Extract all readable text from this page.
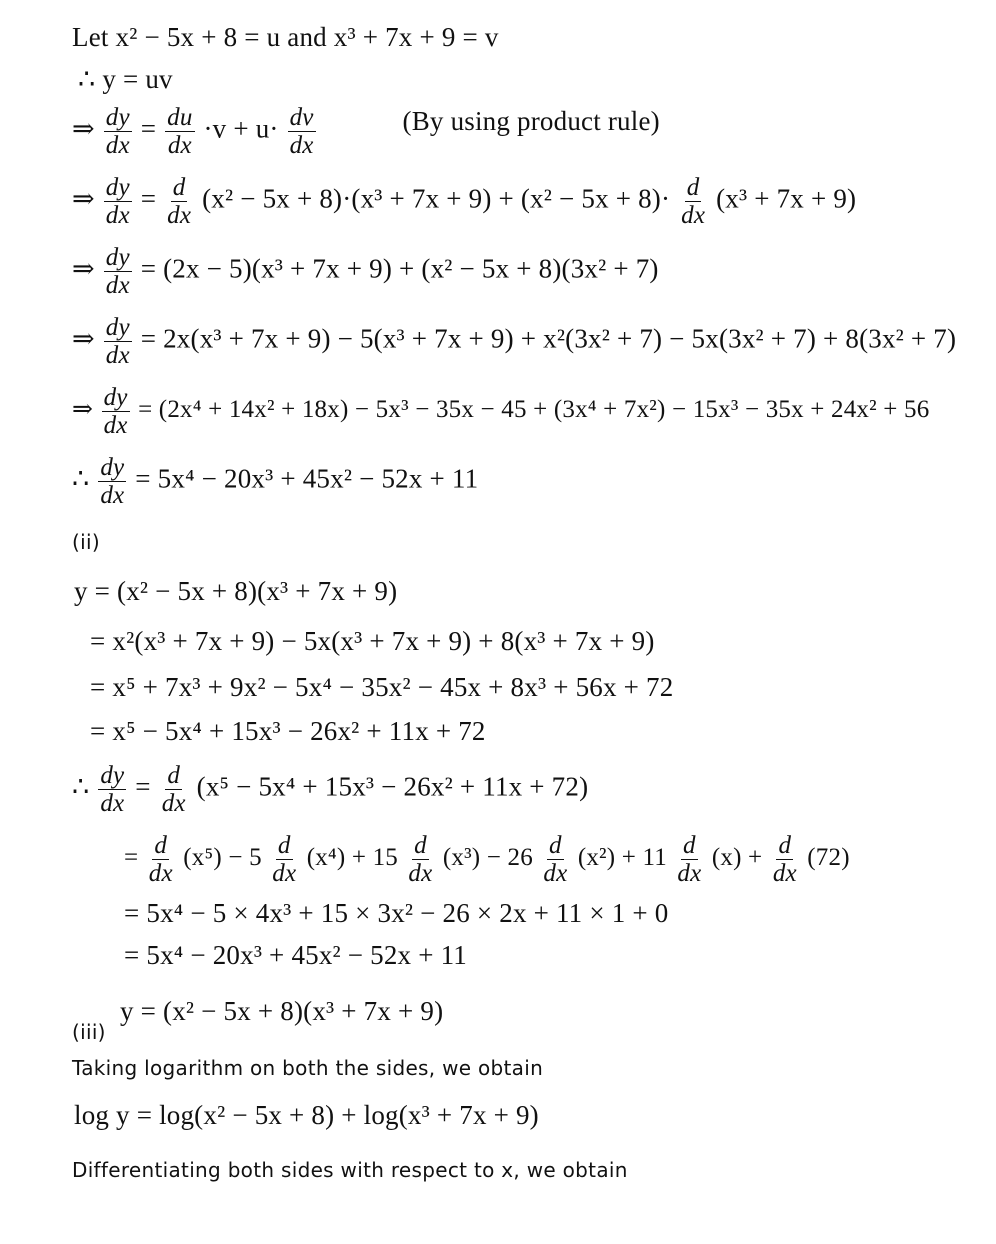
Let x² − 5x + 8 = u and x³ + 7x + 9 = v
∴ y = uv
⇒ $\frac{dy}{dx} = \frac{du}{dx} \cdot v + u\cdot \frac{dv}{dx}$	(By using product rule)
⇒ $\frac{dy}{dx} = \frac{d}{dx} (x^2 - 5x + 8)\cdot(x^3 + 7x + 9) + (x^2 - 5x + 8)\cdot \frac{d}{dx} (x^3 + 7x + 9)$
⇒ $\frac{dy}{dx} = (2x - 5)(x^3 + 7x + 9) + (x^2 - 5x + 8)(3x^2 + 7)$
⇒ $\frac{dy}{dx} = 2x(x^3 + 7x + 9) - 5(x^3 + 7x + 9) + x^2(3x^2 + 7) - 5x(3x^2 + 7) + 8(3x^2 + 7)$
⇒ $\frac{dy}{dx} = (2x^4 + 14x^2 + 18x) - 5x^3 - 35x - 45 + (3x^4 + 7x^2) - 15x^3 - 35x + 24x^2 + 56$
∴ $\frac{dy}{dx} = 5x^4 - 20x^3 + 45x^2 - 52x + 11$
(ii)
y = (x² − 5x + 8)(x³ + 7x + 9)
= x²(x³ + 7x + 9) − 5x(x³ + 7x + 9) + 8(x³ + 7x + 9)
= x⁵ + 7x³ + 9x² − 5x⁴ − 35x² − 45x + 8x³ + 56x + 72
= x⁵ − 5x⁴ + 15x³ − 26x² + 11x + 72
∴ $\frac{dy}{dx} = \frac{d}{dx} (x^5 - 5x^4 + 15x^3 - 26x^2 + 11x + 72)$
= $\frac{d}{dx} (x^5) - 5 \frac{d}{dx} (x^4) + 15 \frac{d}{dx} (x^3) - 26 \frac{d}{dx} (x^2) + 11 \frac{d}{dx} (x) + \frac{d}{dx} (72)$
= 5x⁴ − 5 × 4x³ + 15 × 3x² − 26 × 2x + 11 × 1 + 0
= 5x⁴ − 20x³ + 45x² − 52x + 11
(iii)
y = (x² − 5x + 8)(x³ + 7x + 9)
Taking logarithm on both the sides, we obtain
log y = log(x² − 5x + 8) + log(x³ + 7x + 9)
Differentiating both sides with respect to x, we obtain
